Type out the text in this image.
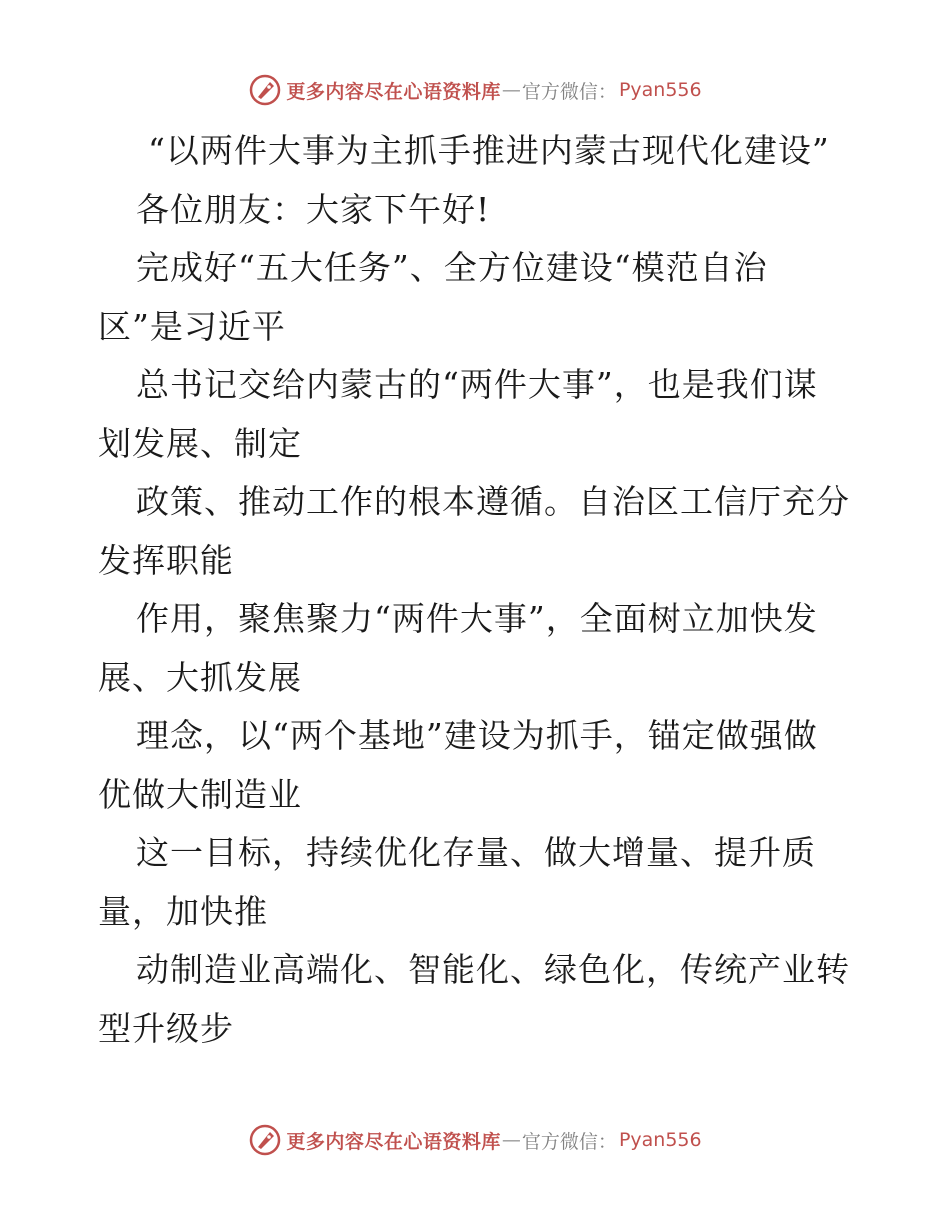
更多内容尽在心语资料库 — 官方微信： Pyan556
“以两件大事为主抓手推进内蒙古现代化建设”
各位朋友：大家下午好!
完成好“五大任务”、全方位建设“模范自治
区”是习近平
总书记交给内蒙古的“两件大事”，也是我们谋
划发展、制定
政策、推动工作的根本遵循。自治区工信厅充分
发挥职能
作用，聚焦聚力“两件大事”，全面树立加快发
展、大抓发展
理念，以“两个基地”建设为抓手，锚定做强做
优做大制造业
这一目标，持续优化存量、做大增量、提升质
量，加快推
动制造业高端化、智能化、绿色化，传统产业转
型升级步
更多内容尽在心语资料库 — 官方微信： Pyan556
